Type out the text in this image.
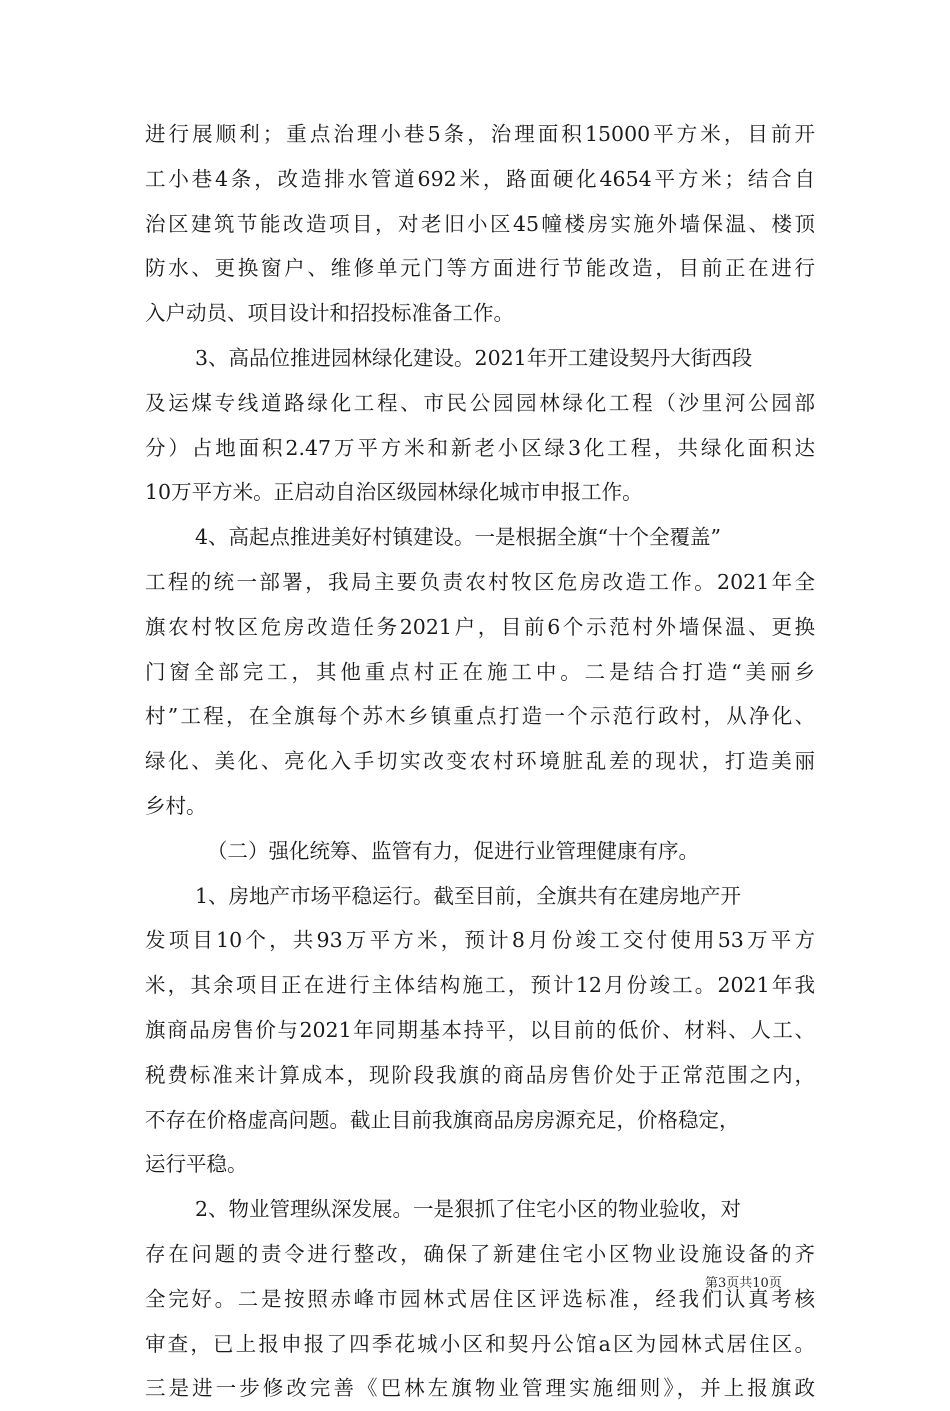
进行展顺利；重点治理小巷5条，治理面积15000平方米，目前开
工小巷4条，改造排水管道692米，路面硬化4654平方米；结合自
治区建筑节能改造项目，对老旧小区45幢楼房实施外墙保温、楼顶
防水、更换窗户、维修单元门等方面进行节能改造，目前正在进行
入户动员、项目设计和招投标准备工作。
3、高品位推进园林绿化建设。2021年开工建设契丹大街西段
及运煤专线道路绿化工程、市民公园园林绿化工程（沙里河公园部
分）占地面积2.47万平方米和新老小区绿3化工程，共绿化面积达
10万平方米。正启动自治区级园林绿化城市申报工作。
4、高起点推进美好村镇建设。一是根据全旗“十个全覆盖”
工程的统一部署，我局主要负责农村牧区危房改造工作。2021年全
旗农村牧区危房改造任务2021户，目前6个示范村外墙保温、更换
门窗全部完工，其他重点村正在施工中。二是结合打造“美丽乡
村”工程，在全旗每个苏木乡镇重点打造一个示范行政村，从净化、
绿化、美化、亮化入手切实改变农村环境脏乱差的现状，打造美丽
乡村。
（二）强化统筹、监管有力，促进行业管理健康有序。
1、房地产市场平稳运行。截至目前，全旗共有在建房地产开
发项目10个，共93万平方米，预计8月份竣工交付使用53万平方
米，其余项目正在进行主体结构施工，预计12月份竣工。2021年我
旗商品房售价与2021年同期基本持平，以目前的低价、材料、人工、
税费标准来计算成本，现阶段我旗的商品房售价处于正常范围之内，
不存在价格虚高问题。截止目前我旗商品房房源充足，价格稳定，
运行平稳。
2、物业管理纵深发展。一是狠抓了住宅小区的物业验收，对
存在问题的责令进行整改，确保了新建住宅小区物业设施设备的齐
全完好。二是按照赤峰市园林式居住区评选标准，经我们认真考核
审查，已上报申报了四季花城小区和契丹公馆a区为园林式居住区。
三是进一步修改完善《巴林左旗物业管理实施细则》，并上报旗政
第3页共10页
